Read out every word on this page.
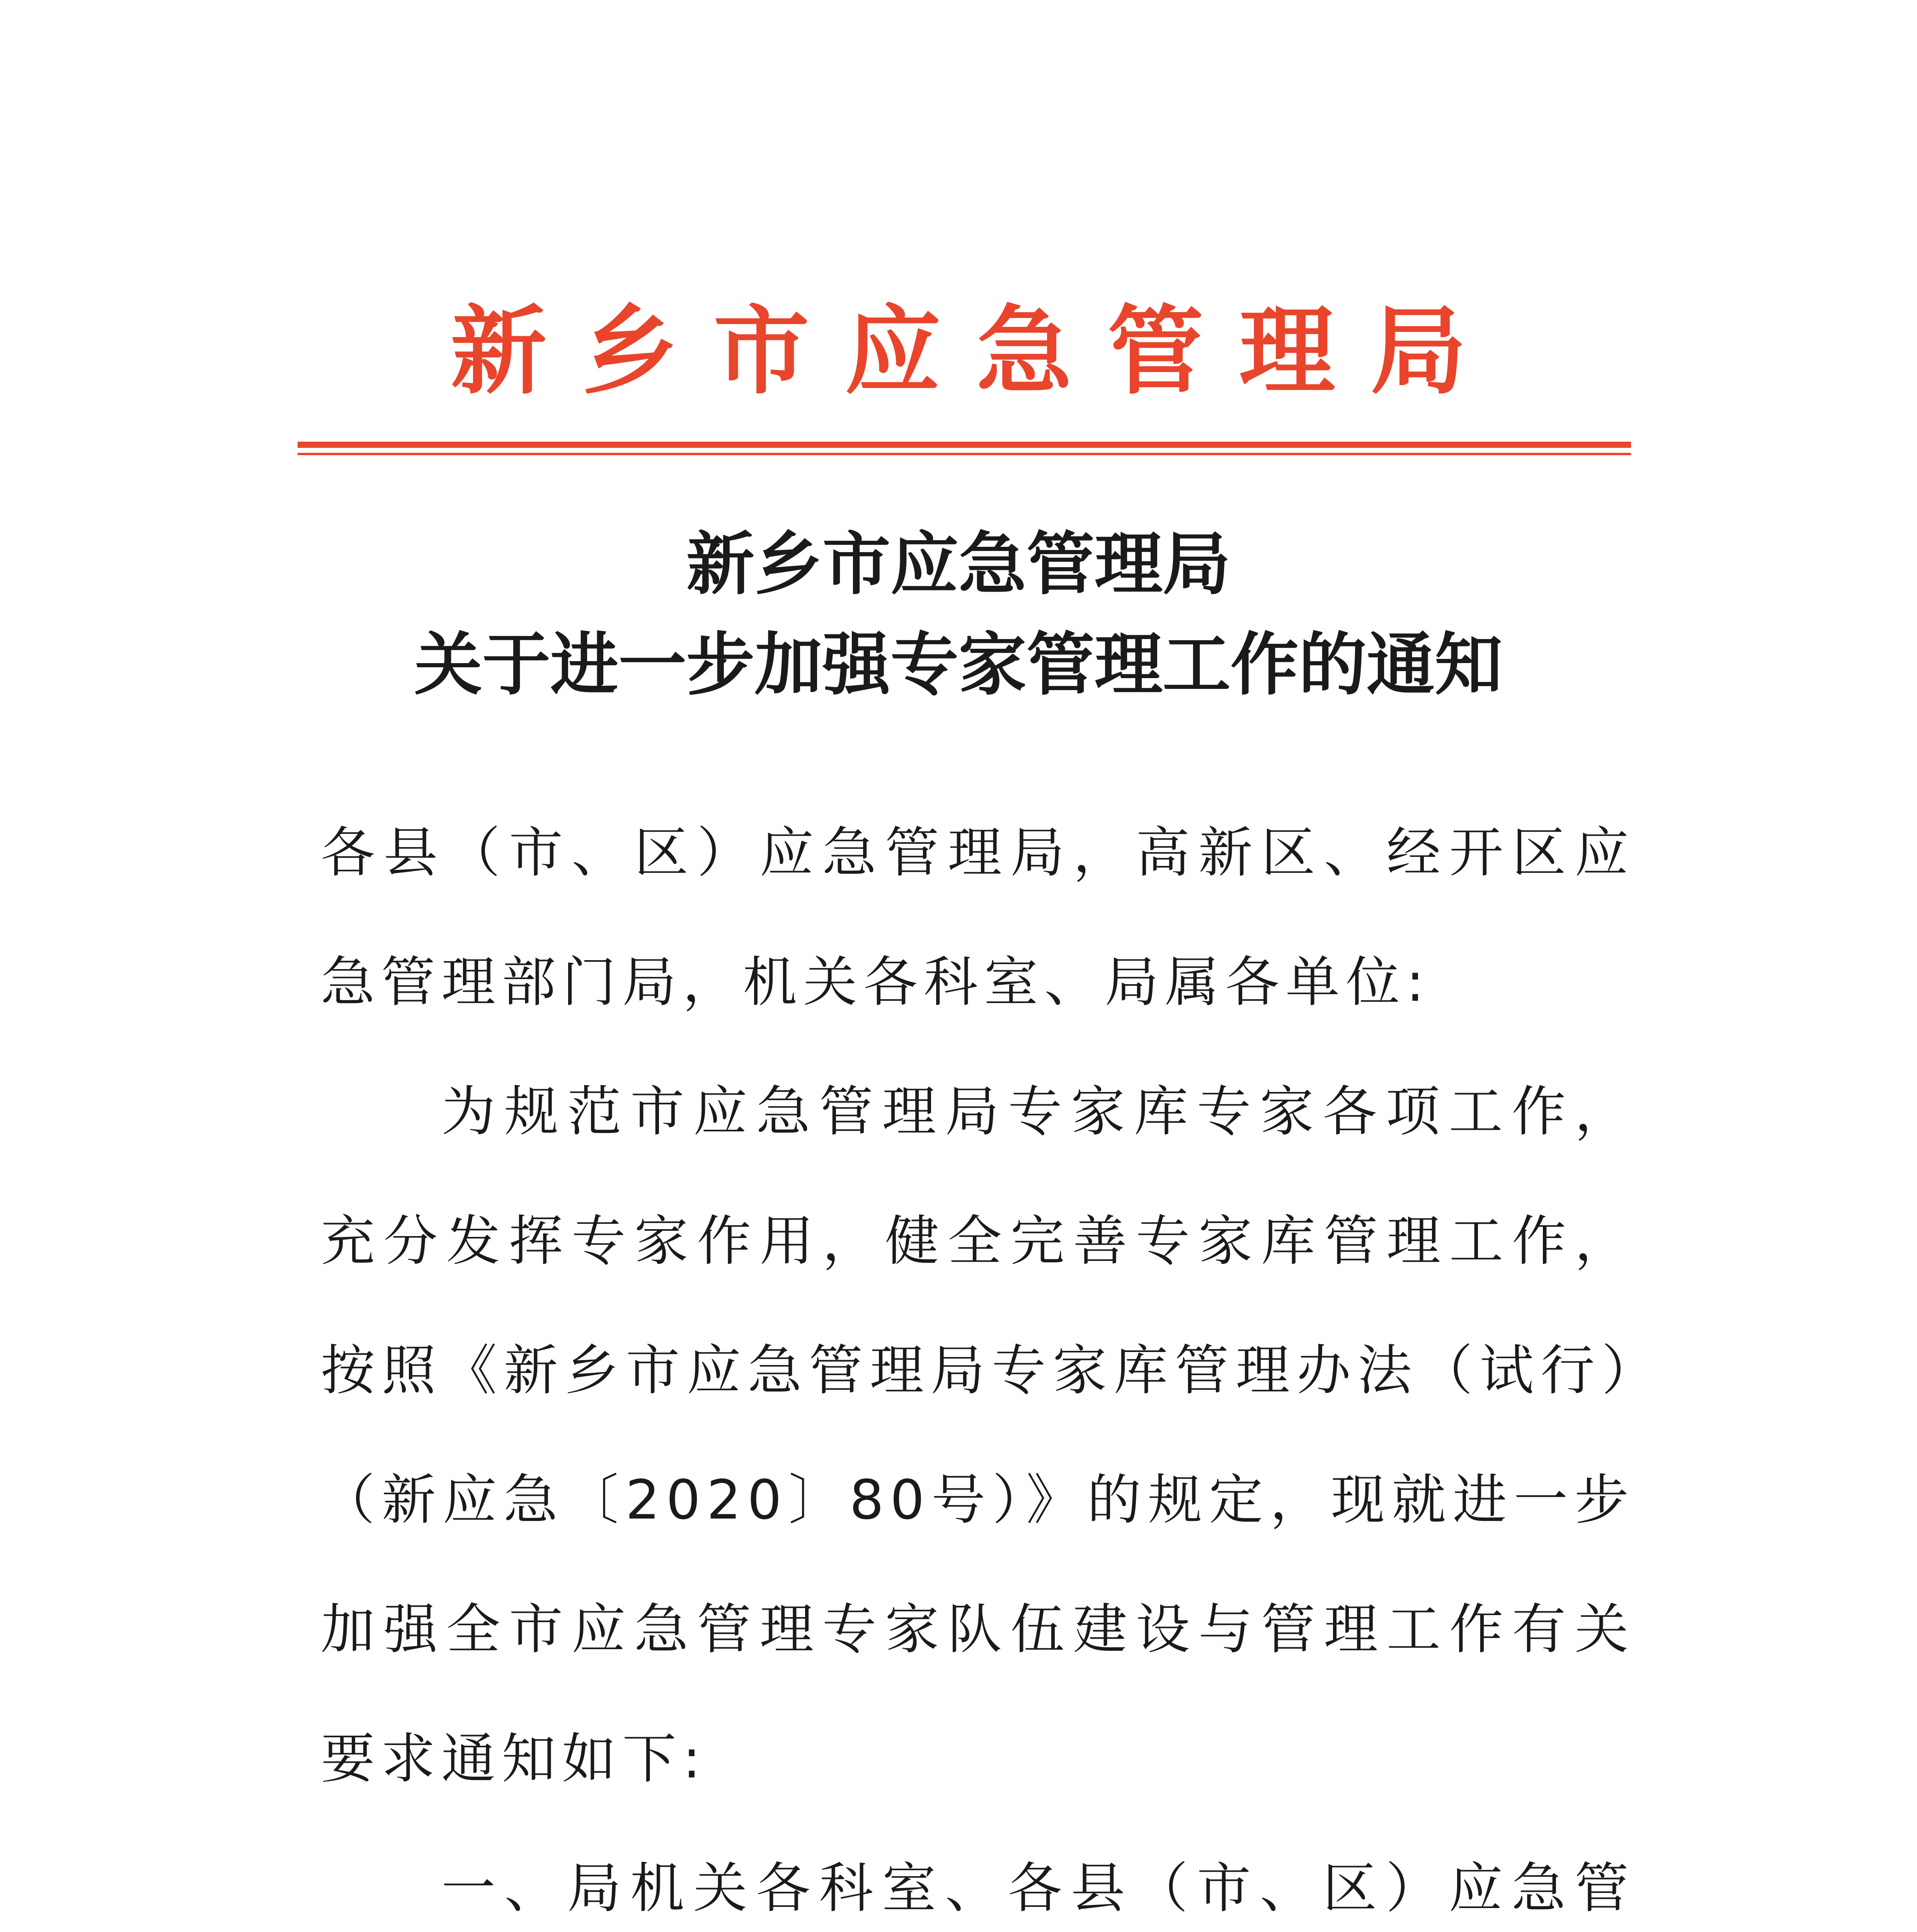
新乡市应急管理局
新乡市应急管理局
关于进一步加强专家管理工作的通知

各县（市、区）应急管理局，高新区、经开区应急管理部门局，机关各科室、局属各单位:

为规范市应急管理局专家库专家各项工作，充分发挥专家作用，健全完善专家库管理工作，按照《新乡市应急管理局专家库管理办法（试行）（新应急〔2020〕80号）》的规定，现就进一步加强全市应急管理专家队伍建设与管理工作有关要求通知如下:

一、局机关各科室、各县（市、区）应急管
